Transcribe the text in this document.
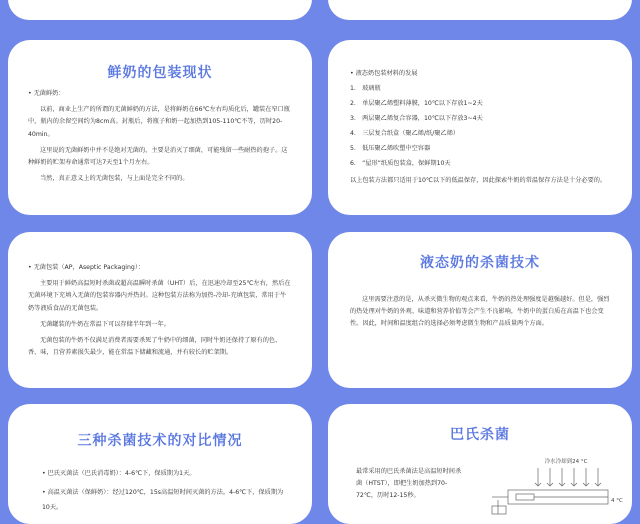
鲜奶的包装现状

• 无菌鲜奶：

以前，商业上生产的所谓的无菌鲜奶的方法，是将鲜奶在66℃左右均质化后，罐装在窄口瓶中，瓶内的余留空间约为8cm高。封瓶后，将瓶子和奶一起加热到105-110℃不等，历时20-40min。

这里说的无菌鲜奶中并不是绝对无菌的，主要是消灭了细菌，可能残留一些耐热的孢子。这种鲜奶的贮架寿命通常可达7天至1个月左右。

当然，真正意义上的无菌包装，与上面是完全不同的。

• 液态奶包装材料的发展
1.　玻璃瓶
2.　单层聚乙烯塑料薄膜，10℃以下存放1~2天
3.　两层聚乙烯复合容器，10℃以下存放3~4天
4.　三层复合纸盒（聚乙烯/纸/聚乙烯）
5.　低压聚乙烯吹塑中空容器
6.　“屋形”纸质包装盒，保鲜期10天
以上包装方法都只适用于10℃以下的低温保存，因此探索牛奶的常温保存方法是十分必要的。

• 无菌包装（AP，Aseptic Packaging）：

主要用于鲜奶高温短时杀菌或超高温瞬时杀菌（UHT）后，在迅速冷却至25℃左右，然后在无菌环境下充填入无菌的包装容器内并热封。这种包装方法称为加热-冷却-充填包装，常用于牛奶等液质食品的无菌包装。

无菌罐装的牛奶在常温下可以存储半年到一年。

无菌包装的牛奶不仅满足消费者需要杀死了牛奶中的细菌，同时牛奶还保持了原有的色、香、味，且营养素损失最少，能在常温下储藏和流通，并有较长的贮架期。

液态奶的杀菌技术

这里需要注意的是，从杀灭微生物的观点来看，牛奶的热处理强度是越强越好。但是，强烈的热处理对牛奶的外观、味道和营养价值等会产生不良影响，牛奶中的蛋白质在高温下也会变性。因此，时间和温度组合的选择必须考虑微生物和产品质量两个方面。

三种杀菌技术的对比情况
• 巴氏灭菌法（巴氏消毒奶）：4-6℃下，保质期为1天。
• 高温灭菌法（保鲜奶）：经过120℃，15s高温短时间灭菌的方法。4-6℃下，保质期为10天。
巴氏杀菌

最常采用的巴氏杀菌法是高温短时间杀菌（HTST），即把生奶加热到70-72℃，历时12-15秒。

冷水冷却到24 °C
4 °C
